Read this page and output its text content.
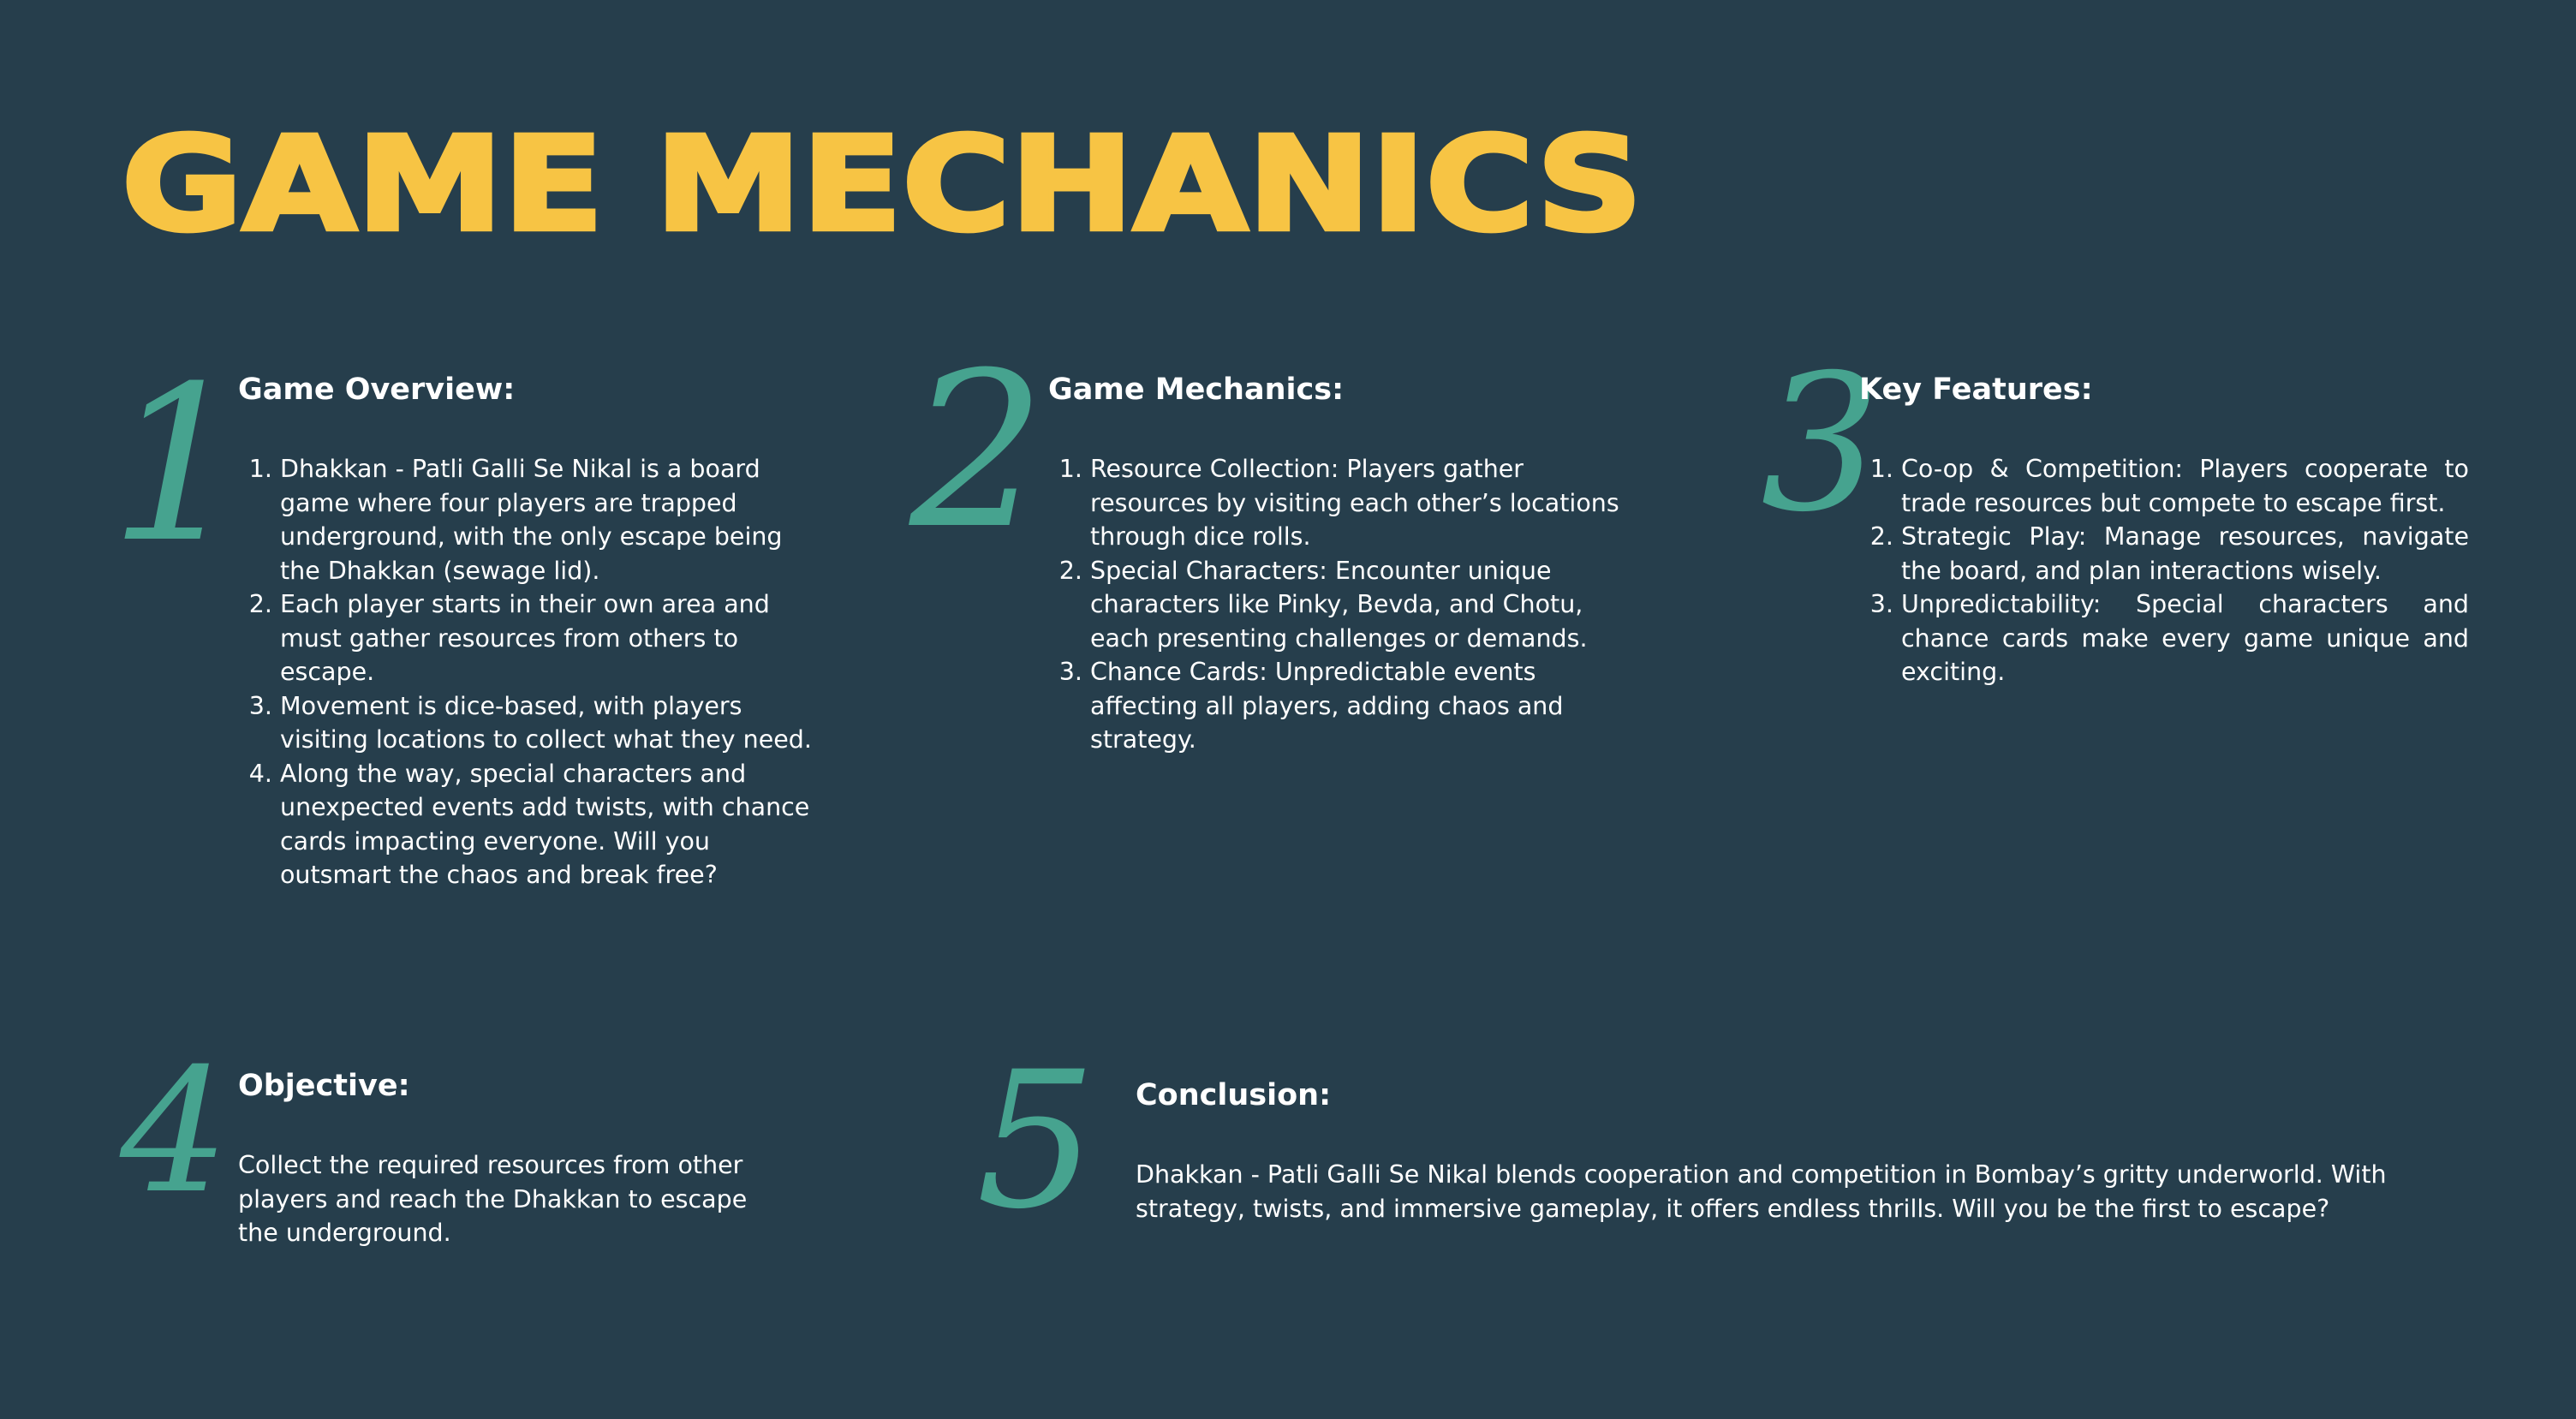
GAME MECHANICS
1
Game Overview:
1. Dhakkan - Patli Galli Se Nikal is a board game where four players are trapped underground, with the only escape being the Dhakkan (sewage lid).
2. Each player starts in their own area and must gather resources from others to escape.
3. Movement is dice-based, with players visiting locations to collect what they need.
4. Along the way, special characters and unexpected events add twists, with chance cards impacting everyone. Will you outsmart the chaos and break free?
2 Game Mechanics:
1. Resource Collection: Players gather resources by visiting each other’s locations through dice rolls.
2. Special Characters: Encounter unique characters like Pinky, Bevda, and Chotu, each presenting challenges or demands.
3. Chance Cards: Unpredictable events affecting all players, adding chaos and strategy.
3
Key Features:
1. Co-op & Competition: Players cooperate to trade resources but compete to escape first.
2. Strategic Play: Manage resources, navigate the board, and plan interactions wisely.
3. Unpredictability: Special characters and chance cards make every game unique and exciting.
4 Objective:

Collect the required resources from other players and reach the Dhakkan to escape the underground.	5 Conclusion:

Dhakkan - Patli Galli Se Nikal blends cooperation and competition in Bombay’s gritty underworld. With strategy, twists, and immersive gameplay, it offers endless thrills. Will you be the first to escape?
